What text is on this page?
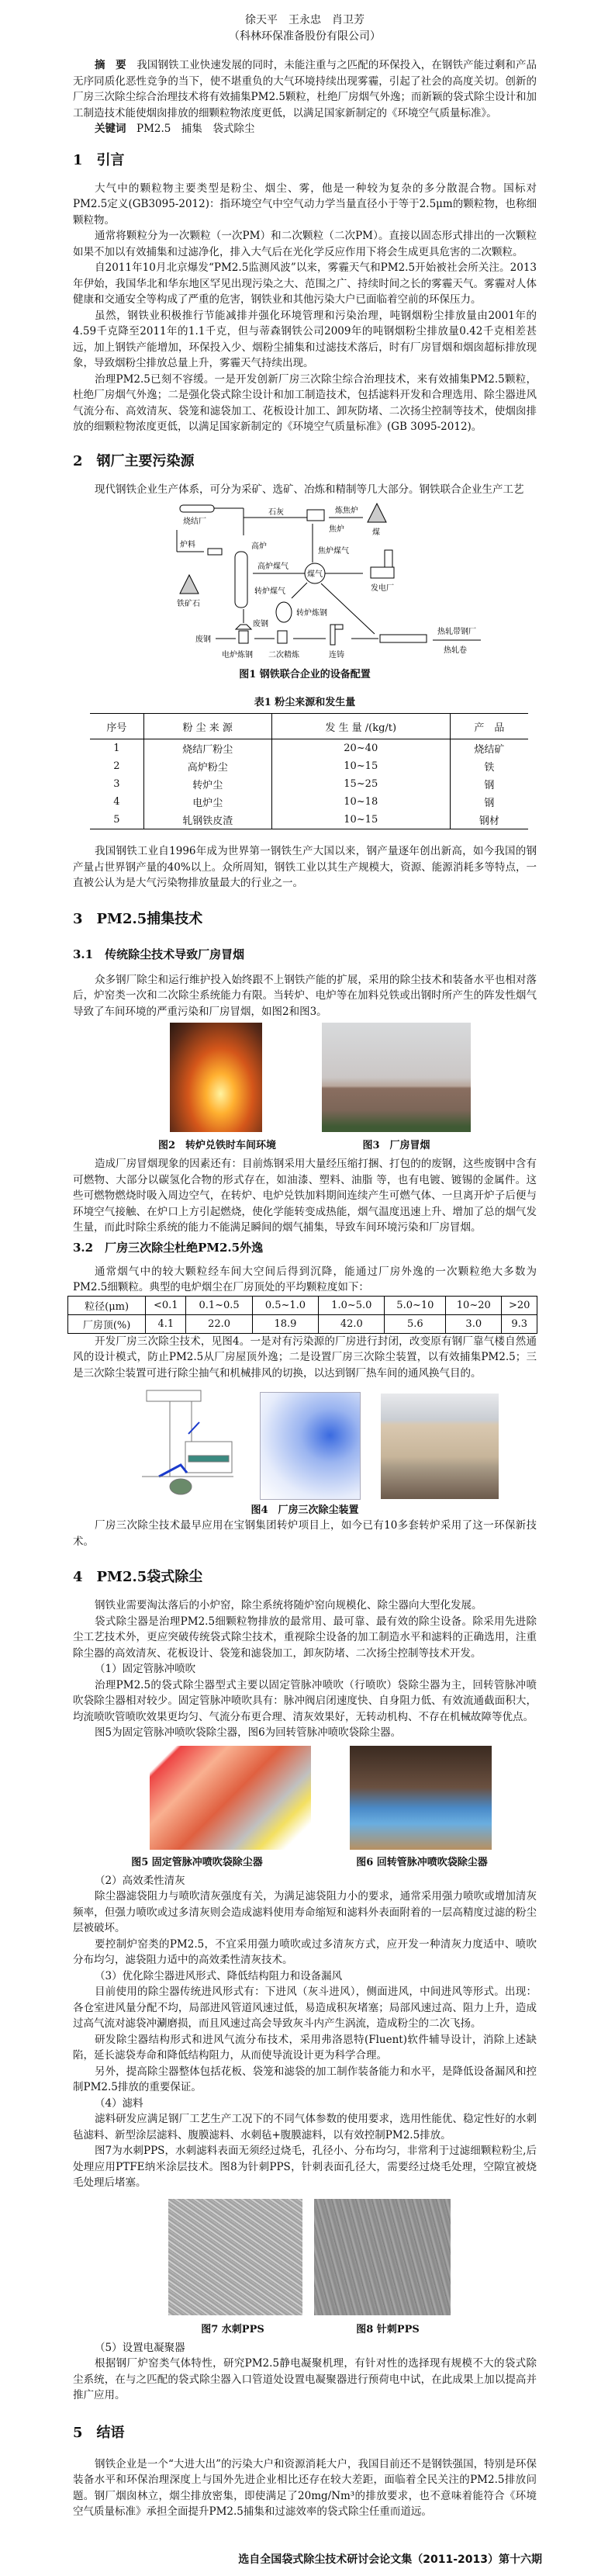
徐天平　王永忠　肖卫芳
（科林环保准备股份有限公司）

摘　要　 我国钢铁工业快速发展的同时，未能注重与之匹配的环保投入，在钢铁产能过剩和产品无序同质化恶性竞争的当下，使不堪重负的大气环境持续出现雾霾，引起了社会的高度关切。创新的厂房三次除尘综合治理技术将有效捕集PM2.5颗粒，杜绝厂房烟气外逸；而新颖的袋式除尘设计和加工制造技术能使烟囱排放的细颗粒物浓度更低，以满足国家新制定的《环境空气质量标准》。

关键词　 PM2.5　捕集　袋式除尘

1　引言

大气中的颗粒物主要类型是粉尘、烟尘、雾，他是一种较为复杂的多分散混合物。国标对PM2.5定义(GB3095-2012)：指环境空气中空气动力学当量直径小于等于2.5μm的颗粒物，也称细颗粒物。

通常将颗粒分为一次颗粒（一次PM）和二次颗粒（二次PM）。直接以固态形式排出的一次颗粒如果不加以有效捕集和过滤净化，排入大气后在光化学反应作用下将会生成更具危害的二次颗粒。

自2011年10月北京爆发“PM2.5监测风波”以来，雾霾天气和PM2.5开始被社会所关注。2013年伊始，我国华北和华东地区罕见出现污染之大、范围之广、持续时间之长的雾霾天气。雾霾对人体健康和交通安全等构成了严重的危害，钢铁业和其他污染大户已面临着空前的环保压力。

虽然，钢铁业积极推行节能减排并强化环境管理和污染治理，吨钢烟粉尘排放量由2001年的4.59千克降至2011年的1.1千克，但与蒂森钢铁公司2009年的吨钢烟粉尘排放量0.42千克相差甚远，加上钢铁产能增加，环保投入少、烟粉尘捕集和过滤技术落后，时有厂房冒烟和烟囱超标排放现象，导致烟粉尘排放总量上升，雾霾天气持续出现。

治理PM2.5已刻不容缓。一是开发创新厂房三次除尘综合治理技术，来有效捕集PM2.5颗粒，杜绝厂房烟气外逸；二是强化袋式除尘设计和加工制造技术，包括滤料开发和合理选用、除尘器进风气流分布、高效清灰、袋笼和滤袋加工、花板设计加工、卸灰防堵、二次扬尘控制等技术，使烟囱排放的细颗粒物浓度更低，以满足国家新制定的《环境空气质量标准》(GB 3095-2012)。

2　钢厂主要污染源

现代钢铁企业生产体系，可分为采矿、选矿、冶炼和精制等几大部分。钢铁联合企业生产工艺

烧结厂
石灰	炼焦炉
焦炉	煤
炉料	高炉
焦炉煤气
高炉煤气
煤气
发电厂
铁矿石
转炉煤气
转炉炼钢
废钢
废钢
电炉炼钢 二次精炼	连铸
热轧带钢厂
热轧卷
图1 钢铁联合企业的设备配置
表1 粉尘来源和发生量
序号	粉 尘 来 源	发 生 量 /(kg/t)	产　品
1	烧结厂粉尘	20~40	烧结矿
2	高炉粉尘	10~15	铁
3	转炉尘	15~25	钢
4	电炉尘	10~18	钢
5	轧钢铁皮渣	10~15	钢材

我国钢铁工业自1996年成为世界第一钢铁生产大国以来，钢产量逐年创出新高，如今我国的钢产量占世界钢产量的40%以上。众所周知，钢铁工业以其生产规模大，资源、能源消耗多等特点，一直被公认为是大气污染物排放量最大的行业之一。

3　PM2.5捕集技术
3.1　传统除尘技术导致厂房冒烟

众多钢厂除尘和运行维护投入始终跟不上钢铁产能的扩展，采用的除尘技术和装备水平也相对落后，炉窑类一次和二次除尘系统能力有限。当转炉、电炉等在加料兑铁或出钢时所产生的阵发性烟气导致了车间环境的严重污染和厂房冒烟，如图2和图3。

图2　转炉兑铁时车间环境	图3　厂房冒烟

造成厂房冒烟现象的因素还有：目前炼钢采用大量经压缩打捆、打包的的废钢，这些废钢中含有可燃物、大部分以碳氢化合物的形式存在，如油漆、塑料、油脂 等，也有电镀、镀锡的金属件。这些可燃物燃烧时吸入周边空气，在转炉、电炉兑铁加料期间连续产生可燃气体、一旦离开炉子后便与环境空气接触、在炉口上方引起燃烧，使化学能转变成热能，烟气温度迅速上升、增加了总的烟气发生量，而此时除尘系统的能力不能满足瞬间的烟气捕集，导致车间环境污染和厂房冒烟。

3.2　厂房三次除尘杜绝PM2.5外逸

通常烟气中的较大颗粒经车间大空间后得到沉降，能通过厂房外逸的一次颗粒绝大多数为PM2.5细颗粒。典型的电炉烟尘在厂房顶处的平均颗粒度如下：

粒径(μm)	<0.1	0.1~0.5	0.5~1.0	1.0~5.0	5.0~10	10~20	>20
厂房顶(%)	4.1	22.0	18.9	42.0	5.6	3.0	9.3

开发厂房三次除尘技术，见图4。一是对有污染源的厂房进行封闭，改变原有钢厂靠气楼自然通风的设计模式，防止PM2.5从厂房屋顶外逸；二是设置厂房三次除尘装置，以有效捕集PM2.5；三是三次除尘装置可进行除尘抽气和机械排风的切换，以达到钢厂热车间的通风换气目的。

图4　厂房三次除尘装置

厂房三次除尘技术最早应用在宝钢集团转炉项目上，如今已有10多套转炉采用了这一环保新技术。

4　PM2.5袋式除尘

钢铁业需要淘汰落后的小炉窑，除尘系统将随炉窑向规模化、除尘器向大型化发展。

袋式除尘器是治理PM2.5细颗粒物排放的最常用、最可靠、最有效的除尘设备。除采用先进除尘工艺技术外，更应突破传统袋式除尘技术，重视除尘设备的加工制造水平和滤料的正确选用，注重除尘器的高效清灰、花板设计、袋笼和滤袋加工，卸灰防堵、二次扬尘控制等技术开发。

（1）固定管脉冲喷吹

治理PM2.5的袋式除尘器型式主要以固定管脉冲喷吹（行喷吹）袋除尘器为主，回转管脉冲喷吹袋除尘器相对较少。固定管脉冲喷吹具有：脉冲阀启闭速度快、自身阻力低、有效流通截面积大，均流喷吹管喷吹效果更均匀、气流分布更合理、清灰效果好，无转动机构、不存在机械故障等优点。

图5为固定管脉冲喷吹袋除尘器，图6为回转管脉冲喷吹袋除尘器。

图5 固定管脉冲喷吹袋除尘器	图6 回转管脉冲喷吹袋除尘器
（2）高效柔性清灰

除尘器滤袋阻力与喷吹清灰强度有关，为满足滤袋阻力小的要求，通常采用强力喷吹或增加清灰频率，但强力喷吹或过多清灰则会造成滤料使用寿命缩短和滤料外表面附着的一层高精度过滤的粉尘层被破坏。

要控制炉窑类的PM2.5，不宜采用强力喷吹或过多清灰方式，应开发一种清灰力度适中、喷吹分布均匀，滤袋阻力适中的高效柔性清灰技术。

（3）优化除尘器进风形式、降低结构阻力和设备漏风

目前使用的除尘器传统进风形式有：下进风（灰斗进风），侧面进风，中间进风等形式。出现：各仓室进风量分配不均，局部进风管道风速过低，易造成积灰堵塞；局部风速过高、阻力上升，造成过高气流对滤袋冲涮磨损，而且风速过高会导致灰斗内产生涡流，造成粉尘的二次飞扬。

研发除尘器结构形式和进风气流分布技术，采用弗洛恩特(Fluent)软件辅导设计，消除上述缺陷，延长滤袋寿命和降低结构阻力，从而使导流设计更为科学合理。

另外，提高除尘器整体包括花板、袋笼和滤袋的加工制作装备能力和水平，是降低设备漏风和控制PM2.5排放的重要保证。

（4）滤料

滤料研发应满足钢厂工艺生产工况下的不同气体参数的使用要求，选用性能优、稳定性好的水刺毡滤料、新型涂层滤料、腹膜滤料、水刺毡+腹膜滤料，以有效控制PM2.5排放。

图7为水刺PPS，水刺滤料表面无须经过烧毛，孔径小、分布均匀，非常利于过滤细颗粒粉尘,后处理应用PTFE纳米涂层技术。图8为针刺PPS，针刺表面孔径大，需要经过烧毛处理，空隙宜被烧毛处理后堵塞。

图7 水刺PPS	图8 针刺PPS
（5）设置电凝聚器

根据钢厂炉窑类气体特性，研究PM2.5静电凝聚机理，有针对性的选择现有规模不大的袋式除尘系统，在与之匹配的袋式除尘器入口管道处设置电凝聚器进行预荷电中试，在此成果上加以提高并推广应用。

5　结语

钢铁企业是一个“大进大出”的污染大户和资源消耗大户，我国目前还不是钢铁强国，特别是环保装备水平和环保治理深度上与国外先进企业相比还存在较大差距，面临着全民关注的PM2.5排放问题。钢厂烟囱林立，烟尘排放密集，即使满足了20mg/Nm³的排放要求，也不意味着能符合《环境空气质量标准》承担全面提升PM2.5捕集和过滤效率的袋式除尘任重而道远。

选自全国袋式除尘技术研讨会论文集（2011-2013）第十六期
